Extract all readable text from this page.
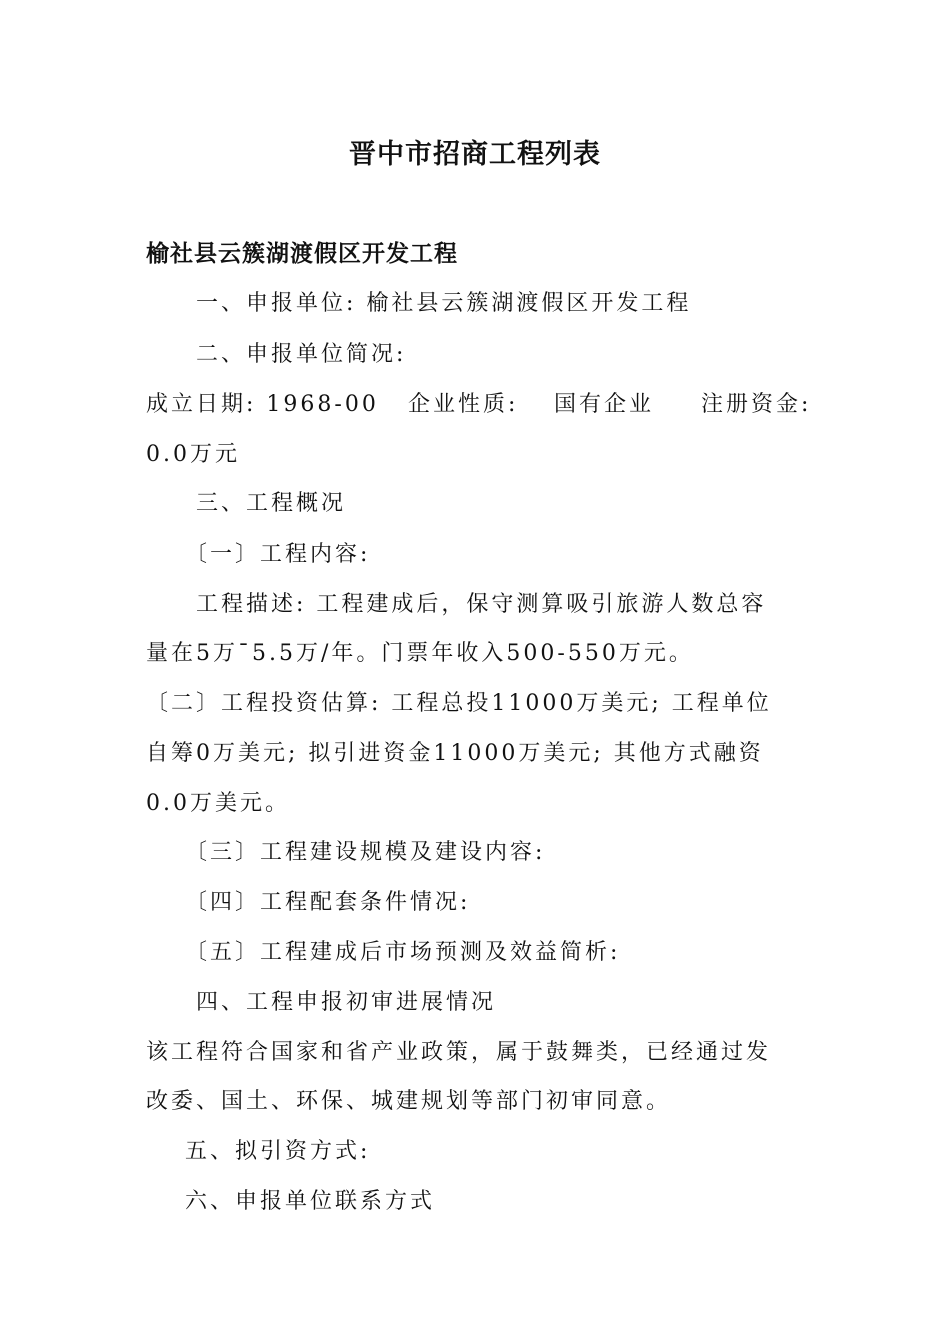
晋中市招商工程列表
榆社县云簇湖渡假区开发工程
一、申报单位: 榆社县云簇湖渡假区开发工程
二、申报单位简况:
成立日期: 1968-00 企业性质: 国有企业 注册资金:
0.0万元
三、工程概况
〔一〕工程内容:
工程描述: 工程建成后，保守测算吸引旅游人数总容
量在5万¯5.5万/年。门票年收入500-550万元。
〔二〕工程投资估算: 工程总投11000万美元; 工程单位
自筹0万美元; 拟引进资金11000万美元; 其他方式融资
0.0万美元。
〔三〕工程建设规模及建设内容:
〔四〕工程配套条件情况:
〔五〕工程建成后市场预测及效益简析:
四、工程申报初审进展情况
该工程符合国家和省产业政策，属于鼓舞类，已经通过发
改委、国土、环保、城建规划等部门初审同意。
五、拟引资方式:
六、申报单位联系方式
